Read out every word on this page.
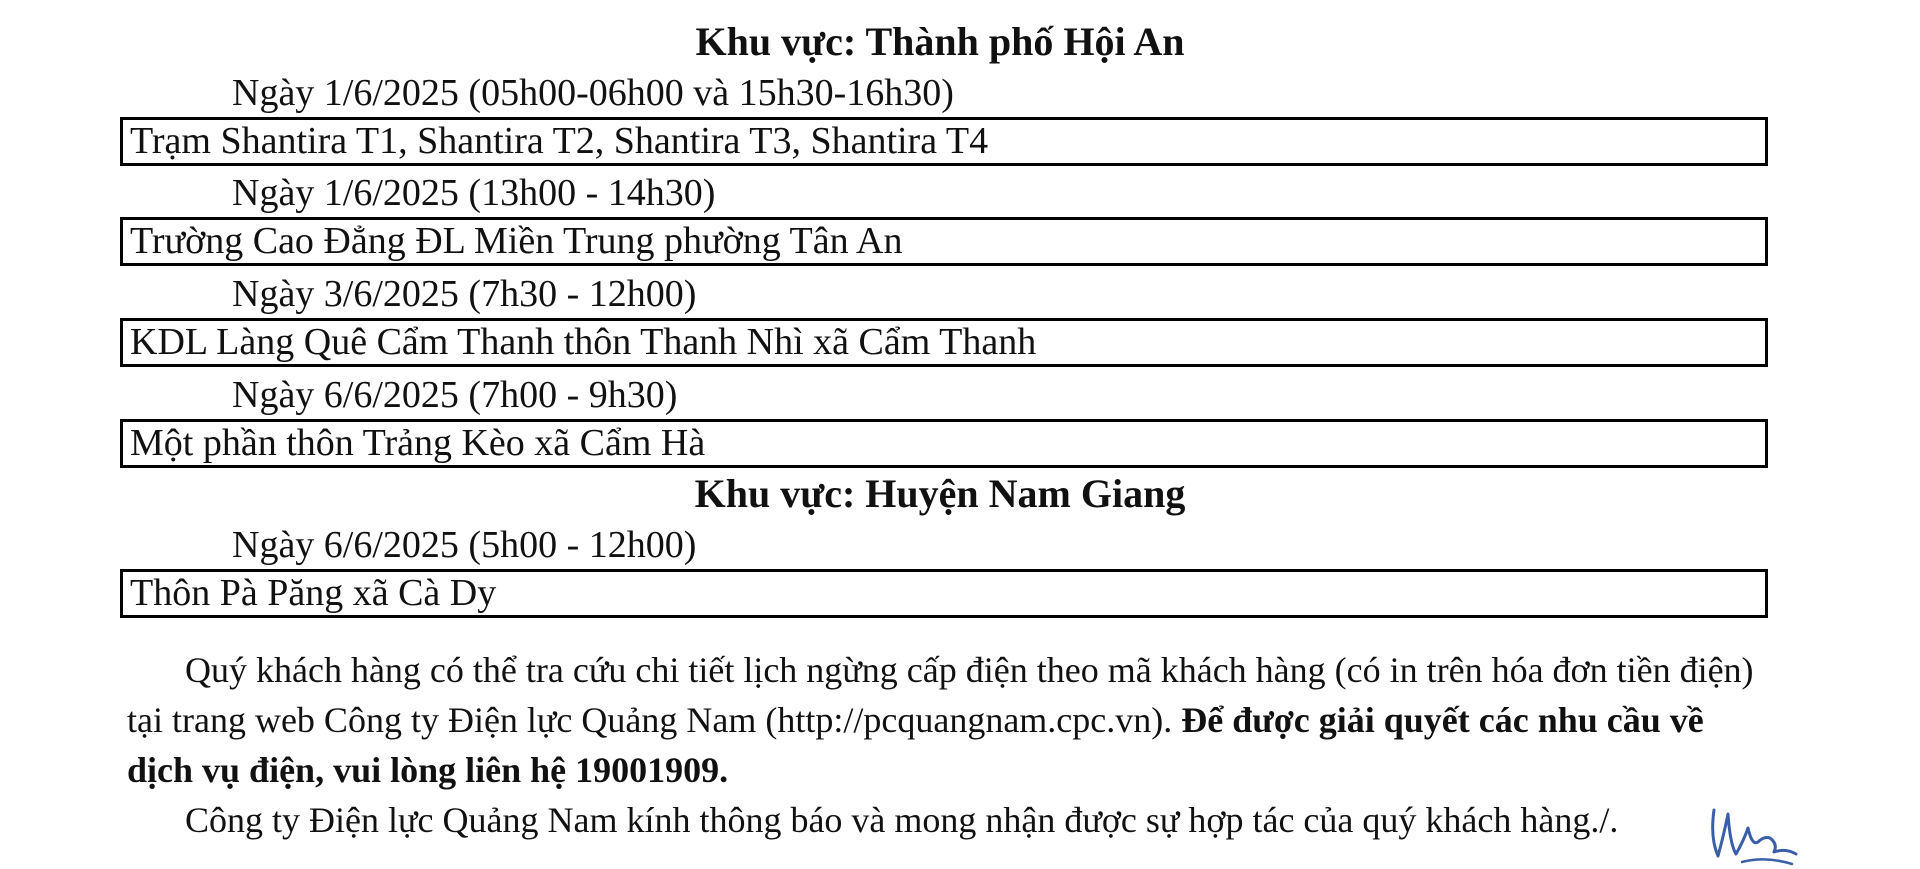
Khu vực: Thành phố Hội An
Ngày 1/6/2025 (05h00-06h00 và 15h30-16h30)
Trạm Shantira T1, Shantira T2, Shantira T3, Shantira T4
Ngày 1/6/2025 (13h00 - 14h30)
Trường Cao Đẳng ĐL Miền Trung phường Tân An
Ngày 3/6/2025 (7h30 - 12h00)
KDL Làng Quê Cẩm Thanh thôn Thanh Nhì xã Cẩm Thanh
Ngày 6/6/2025 (7h00 - 9h30)
Một phần thôn Trảng Kèo xã Cẩm Hà
Khu vực: Huyện Nam Giang
Ngày 6/6/2025 (5h00 - 12h00)
Thôn Pà Păng xã Cà Dy
Quý khách hàng có thể tra cứu chi tiết lịch ngừng cấp điện theo mã khách hàng (có in trên hóa đơn tiền điện) tại trang web Công ty Điện lực Quảng Nam (http://pcquangnam.cpc.vn). Để được giải quyết các nhu cầu về dịch vụ điện, vui lòng liên hệ 19001909.
Công ty Điện lực Quảng Nam kính thông báo và mong nhận được sự hợp tác của quý khách hàng./.
